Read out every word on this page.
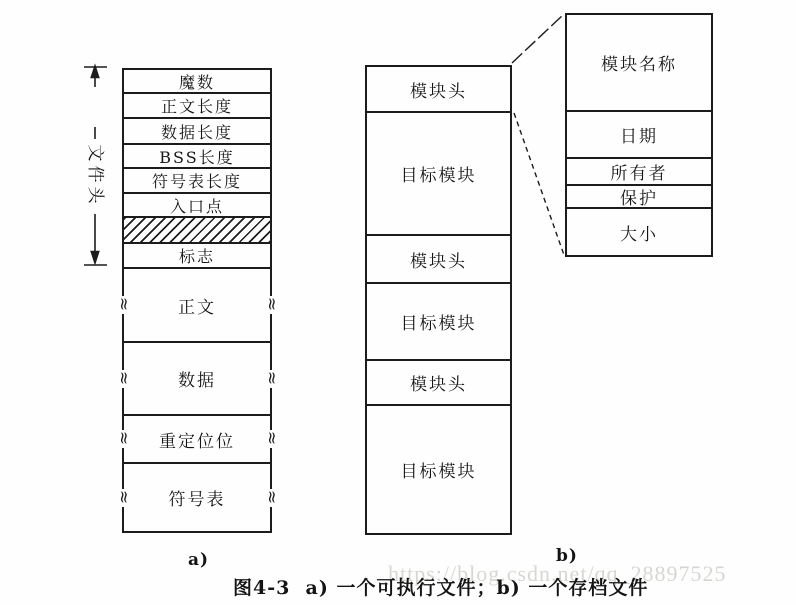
文件头
魔数
正文长度
数据长度
BSS长度
符号表长度
入口点
标志
≈
正文
≈
≈
数据
≈
≈
重定位位
≈
≈
符号表
≈
模块头
目标模块
模块头
目标模块
模块头
目标模块
模块名称
日期
所有者
保护
大小
a)	b)
https://blog.csdn.net/qq_28897525
图4-3  a) 一个可执行文件；b) 一个存档文件
